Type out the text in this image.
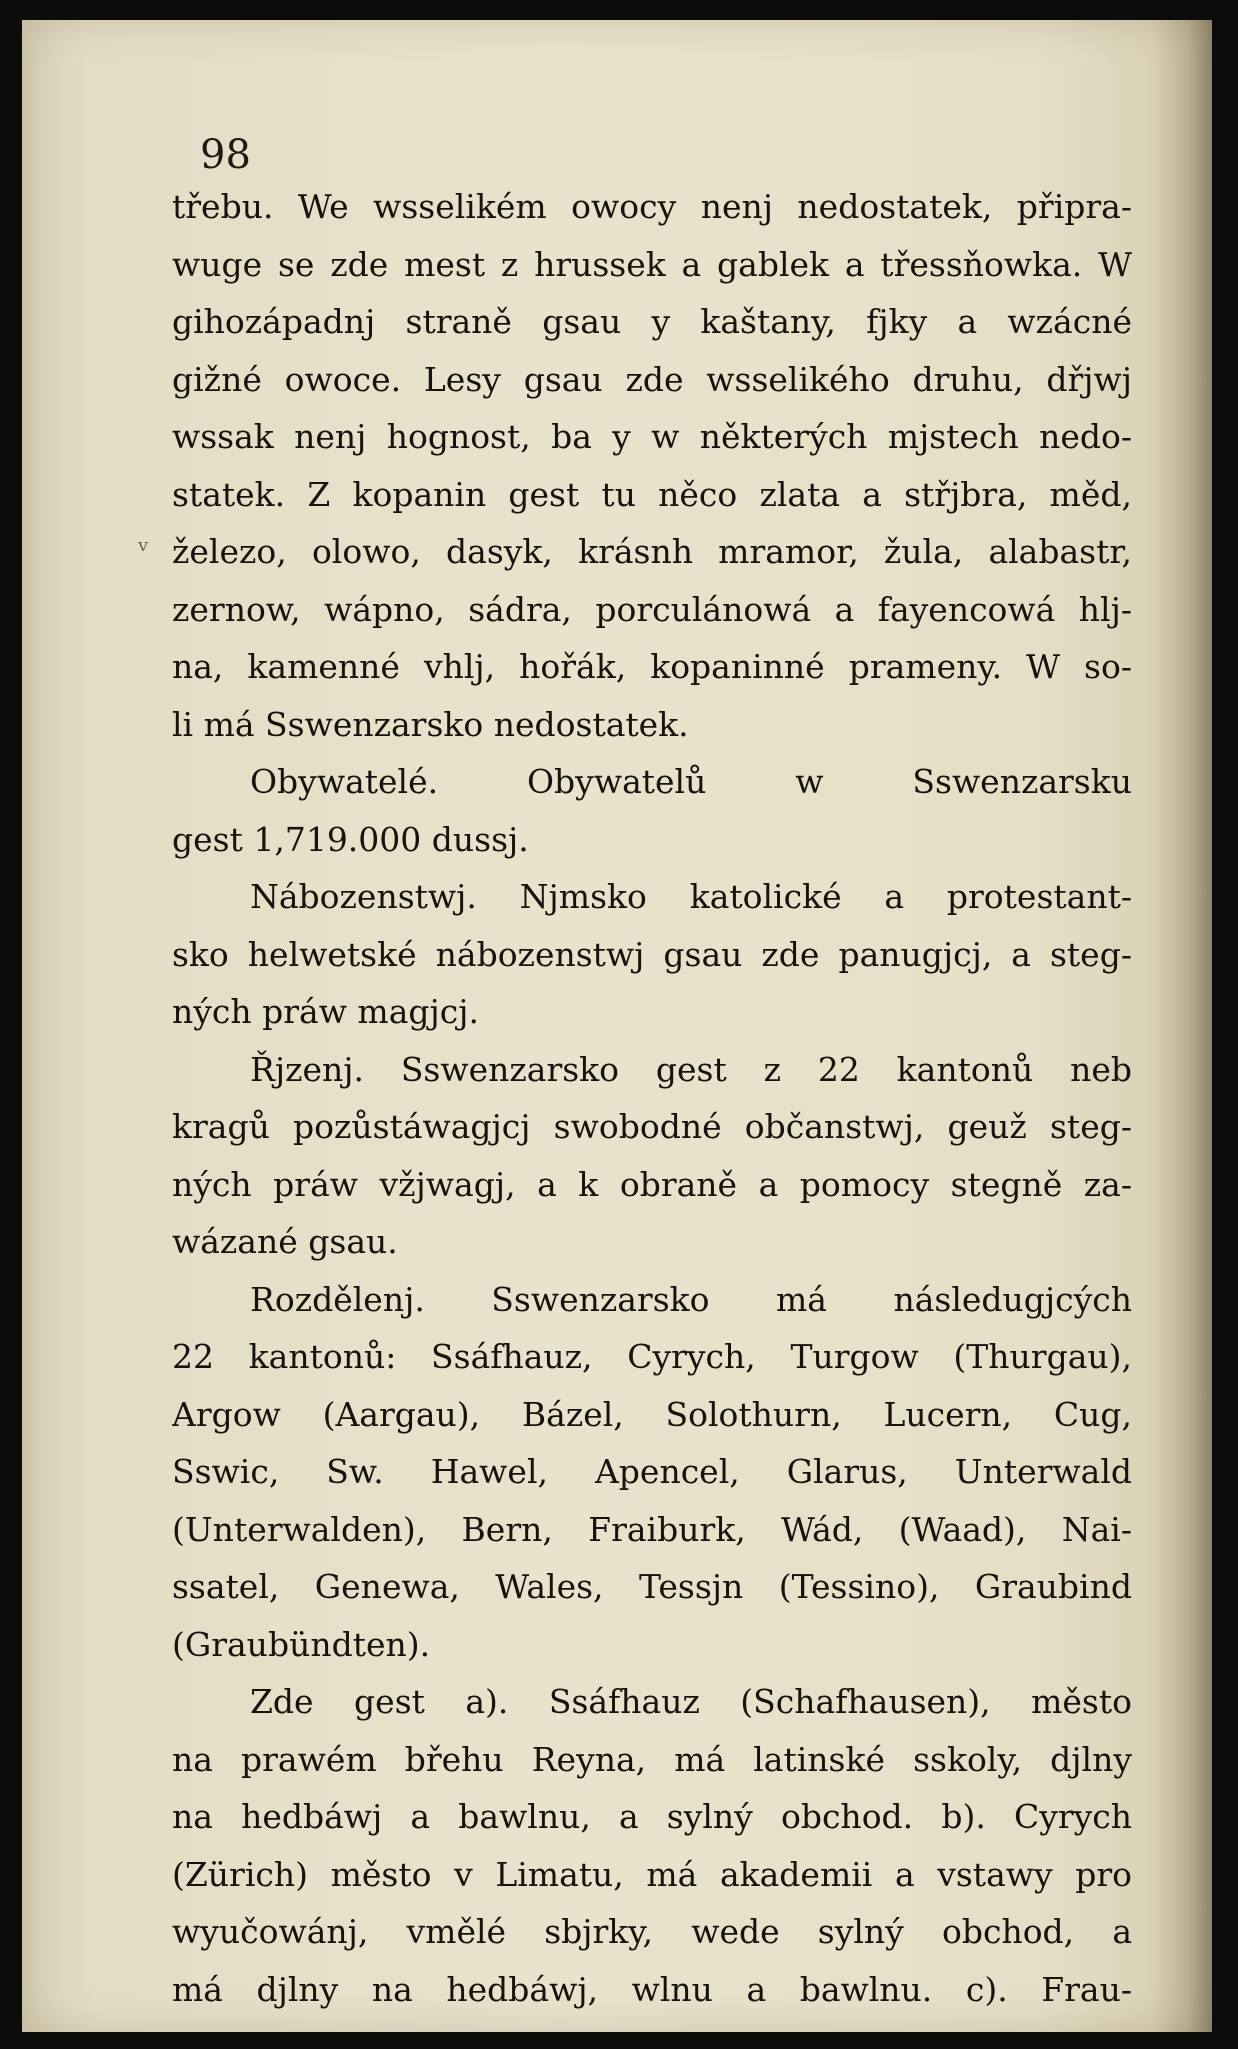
98
v
třebu. We wsselikém owocy nenj nedostatek, připra-
wuge se zde mest z hrussek a gablek a třessňowka. W
gihozápadnj straně gsau y kaštany, fjky a wzácné
gižné owoce. Lesy gsau zde wsselikého druhu, dřjwj
wssak nenj hognost, ba y w některých mjstech nedo-
statek. Z kopanin gest tu něco zlata a střjbra, měd,
železo, olowo, dasyk, krásnh mramor, žula, alabastr,
zernow, wápno, sádra, porculánowá a fayencowá hlj-
na, kamenné vhlj, hořák, kopaninné prameny. W so-
li má Sswenzarsko nedostatek.
Obywatelé. Obywatelů w Sswenzarsku
gest 1,719.000 dussj.
Nábozenstwj. Njmsko katolické a protestant-
sko helwetské nábozenstwj gsau zde panugjcj, a steg-
ných práw magjcj.
Řjzenj. Sswenzarsko gest z 22 kantonů neb
kragů pozůstáwagjcj swobodné občanstwj, geuž steg-
ných práw vžjwagj, a k obraně a pomocy stegně za-
wázané gsau.
Rozdělenj. Sswenzarsko má následugjcých
22 kantonů: Ssáfhauz, Cyrych, Turgow (Thurgau),
Argow (Aargau), Bázel, Solothurn, Lucern, Cug,
Sswic, Sw. Hawel, Apencel, Glarus, Unterwald
(Unterwalden), Bern, Fraiburk, Wád, (Waad), Nai-
ssatel, Genewa, Wales, Tessjn (Tessino), Graubind
(Graubündten).
Zde gest a). Ssáfhauz (Schafhausen), město
na prawém břehu Reyna, má latinské sskoly, djlny
na hedbáwj a bawlnu, a sylný obchod. b). Cyrych
(Zürich) město v Limatu, má akademii a vstawy pro
wyučowánj, vmělé sbjrky, wede sylný obchod, a
má djlny na hedbáwj, wlnu a bawlnu. c). Frau-
